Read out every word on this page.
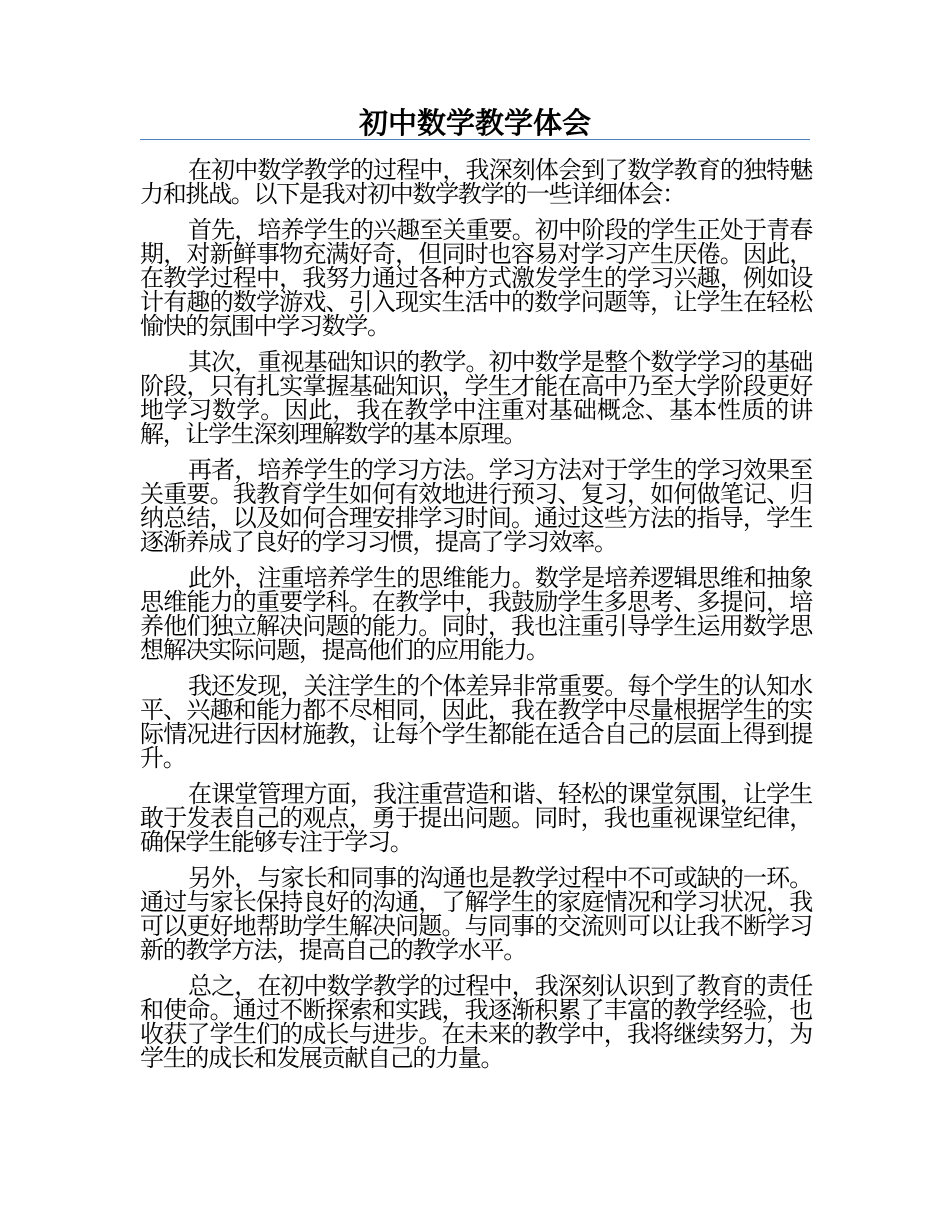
初中数学教学体会

在初中数学教学的过程中，我深刻体会到了数学教育的独特魅力和挑战。以下是我对初中数学教学的一些详细体会：

首先，培养学生的兴趣至关重要。初中阶段的学生正处于青春期，对新鲜事物充满好奇，但同时也容易对学习产生厌倦。因此，在教学过程中，我努力通过各种方式激发学生的学习兴趣，例如设计有趣的数学游戏、引入现实生活中的数学问题等，让学生在轻松愉快的氛围中学习数学。

其次，重视基础知识的教学。初中数学是整个数学学习的基础阶段，只有扎实掌握基础知识，学生才能在高中乃至大学阶段更好地学习数学。因此，我在教学中注重对基础概念、基本性质的讲解，让学生深刻理解数学的基本原理。

再者，培养学生的学习方法。学习方法对于学生的学习效果至关重要。我教育学生如何有效地进行预习、复习，如何做笔记、归纳总结，以及如何合理安排学习时间。通过这些方法的指导，学生逐渐养成了良好的学习习惯，提高了学习效率。

此外，注重培养学生的思维能力。数学是培养逻辑思维和抽象思维能力的重要学科。在教学中，我鼓励学生多思考、多提问，培养他们独立解决问题的能力。同时，我也注重引导学生运用数学思想解决实际问题，提高他们的应用能力。

我还发现，关注学生的个体差异非常重要。每个学生的认知水平、兴趣和能力都不尽相同，因此，我在教学中尽量根据学生的实际情况进行因材施教，让每个学生都能在适合自己的层面上得到提升。

在课堂管理方面，我注重营造和谐、轻松的课堂氛围，让学生敢于发表自己的观点，勇于提出问题。同时，我也重视课堂纪律，确保学生能够专注于学习。

另外，与家长和同事的沟通也是教学过程中不可或缺的一环。通过与家长保持良好的沟通，了解学生的家庭情况和学习状况，我可以更好地帮助学生解决问题。与同事的交流则可以让我不断学习新的教学方法，提高自己的教学水平。

总之，在初中数学教学的过程中，我深刻认识到了教育的责任和使命。通过不断探索和实践，我逐渐积累了丰富的教学经验，也收获了学生们的成长与进步。在未来的教学中，我将继续努力，为学生的成长和发展贡献自己的力量。
